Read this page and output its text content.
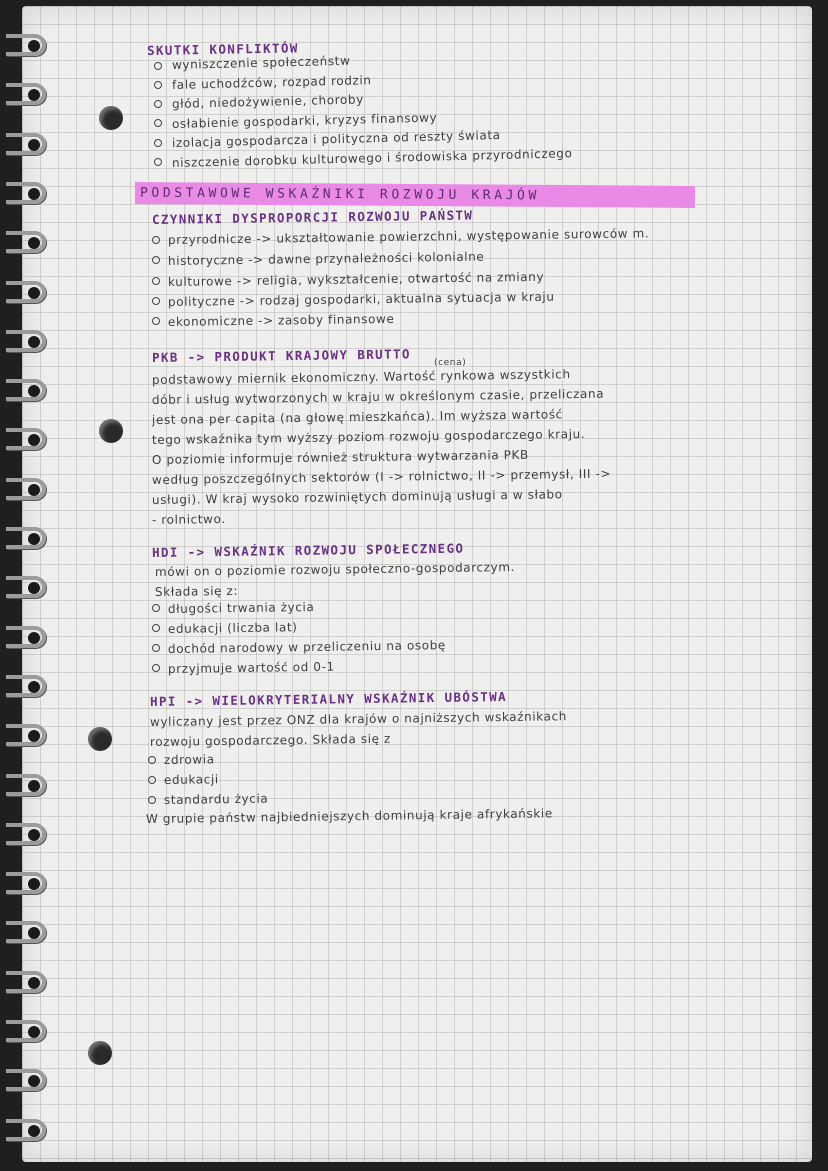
SKUTKI KONFLIKTÓW
wyniszczenie społeczeństw
fale uchodźców, rozpad rodzin
głód, niedożywienie, choroby
osłabienie gospodarki, kryzys finansowy
izolacja gospodarcza i polityczna od reszty świata
niszczenie dorobku kulturowego i środowiska przyrodniczego
PODSTAWOWE WSKAŹNIKI ROZWOJU KRAJÓW
CZYNNIKI DYSPROPORCJI ROZWOJU PAŃSTW
przyrodnicze -> ukształtowanie powierzchni, występowanie surowców m.
historyczne -> dawne przynależności kolonialne
kulturowe -> religia, wykształcenie, otwartość na zmiany
polityczne -> rodzaj gospodarki, aktualna sytuacja w kraju
ekonomiczne -> zasoby finansowe
PKB -> PRODUKT KRAJOWY BRUTTO	(cena)
podstawowy miernik ekonomiczny. Wartość rynkowa wszystkich
dóbr i usług wytworzonych w kraju w określonym czasie, przeliczana
jest ona per capita (na głowę mieszkańca). Im wyższa wartość
tego wskaźnika tym wyższy poziom rozwoju gospodarczego kraju.
O poziomie informuje również struktura wytwarzania PKB
według poszczególnych sektorów (I -> rolnictwo, II -> przemysł, III ->
usługi). W kraj wysoko rozwiniętych dominują usługi a w słabo
- rolnictwo.
HDI -> WSKAŹNIK ROZWOJU SPOŁECZNEGO
mówi on o poziomie rozwoju społeczno-gospodarczym.
Składa się z:
długości trwania życia
edukacji (liczba lat)
dochód narodowy w przeliczeniu na osobę
przyjmuje wartość od 0-1
HPI -> WIELOKRYTERIALNY WSKAŹNIK UBÓSTWA
wyliczany jest przez ONZ dla krajów o najniższych wskaźnikach
rozwoju gospodarczego. Składa się z
zdrowia
edukacji
standardu życia
W grupie państw najbiedniejszych dominują kraje afrykańskie
